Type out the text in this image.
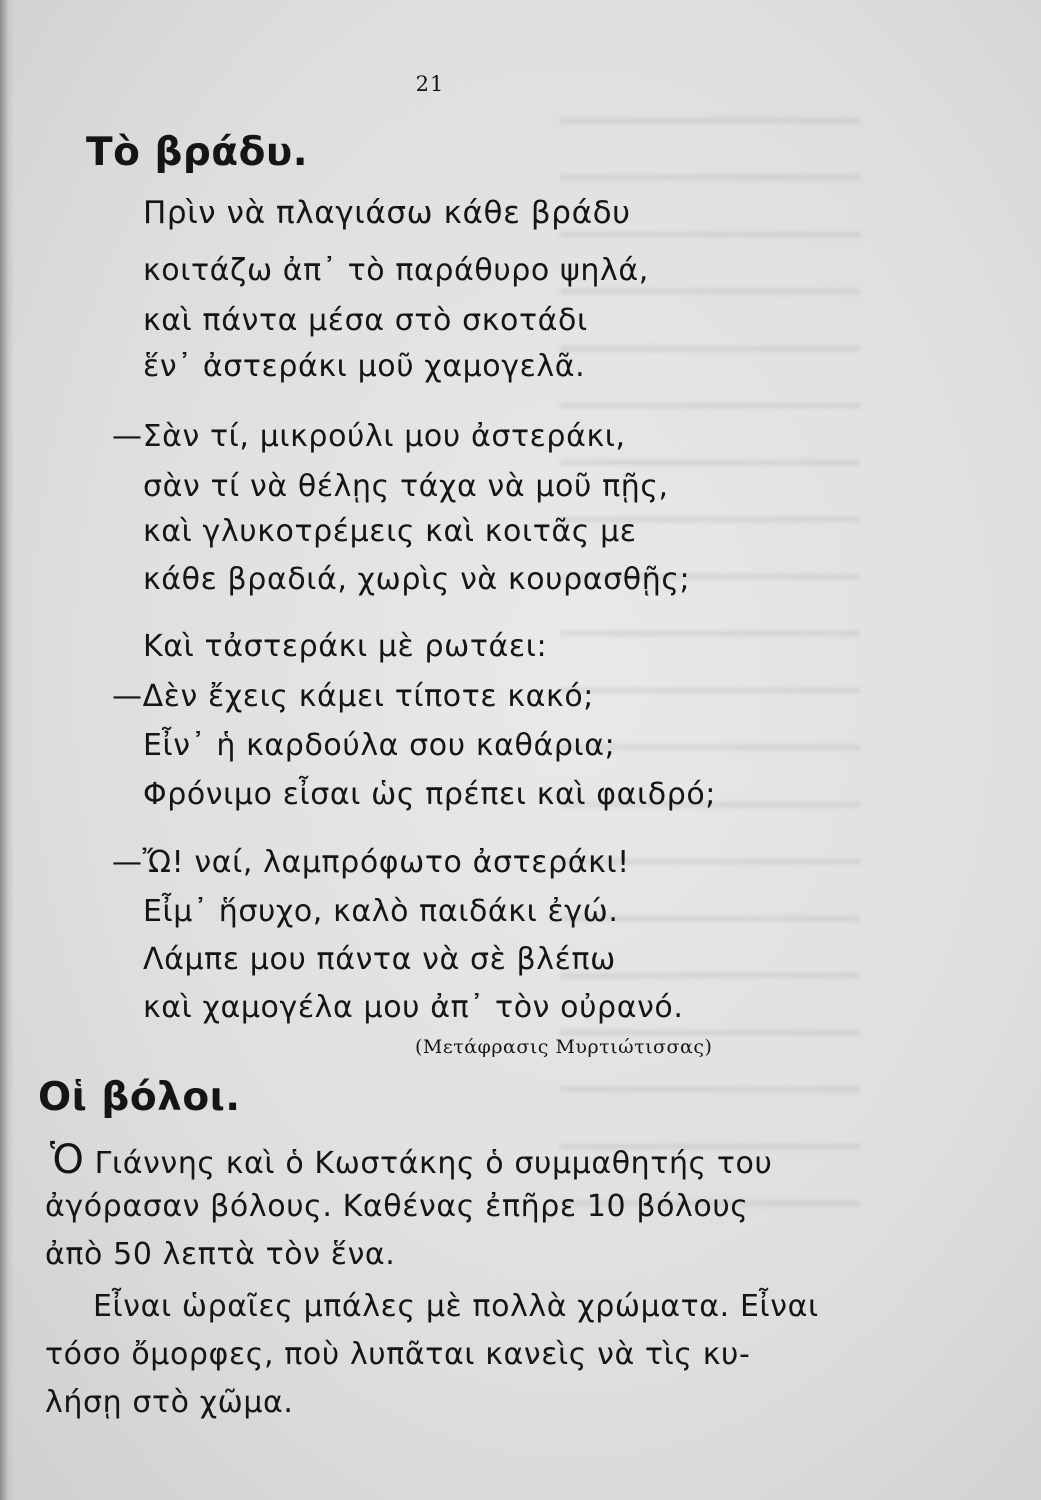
21
Τὸ βράδυ.
Πρὶν νὰ πλαγιάσω κάθε βράδυ
κοιτάζω ἀπ᾿ τὸ παράθυρο ψηλά,
καὶ πάντα μέσα στὸ σκοτάδι
ἕν᾿ ἀστεράκι μοῦ χαμογελᾶ.
—Σὰν τί, μικρούλι μου ἀστεράκι,
σὰν τί νὰ θέλῃς τάχα νὰ μοῦ πῇς,
καὶ γλυκοτρέμεις καὶ κοιτᾶς με
κάθε βραδιά, χωρὶς νὰ κουρασθῇς;
Καὶ τἀστεράκι μὲ ρωτάει:
—Δὲν ἔχεις κάμει τίποτε κακό;
Εἶν᾿ ἡ καρδούλα σου καθάρια;
Φρόνιμο εἶσαι ὡς πρέπει καὶ φαιδρό;
—Ὤ! ναί, λαμπρόφωτο ἀστεράκι!
Εἶμ᾿ ἥσυχο, καλὸ παιδάκι ἐγώ.
Λάμπε μου πάντα νὰ σὲ βλέπω
καὶ χαμογέλα μου ἀπ᾿ τὸν οὐρανό.
(Μετάφρασις Μυρτιώτισσας)
Οἱ βόλοι.
Ὁ Γιάννης καὶ ὁ Κωστάκης ὁ συμμαθητής του
ἀγόρασαν βόλους. Καθένας ἐπῆρε 10 βόλους
ἀπὸ 50 λεπτὰ τὸν ἕνα.
Εἶναι ὡραῖες μπάλες μὲ πολλὰ χρώματα. Εἶναι
τόσο ὄμορφες, ποὺ λυπᾶται κανεὶς νὰ τὶς κυ-
λήσῃ στὸ χῶμα.
